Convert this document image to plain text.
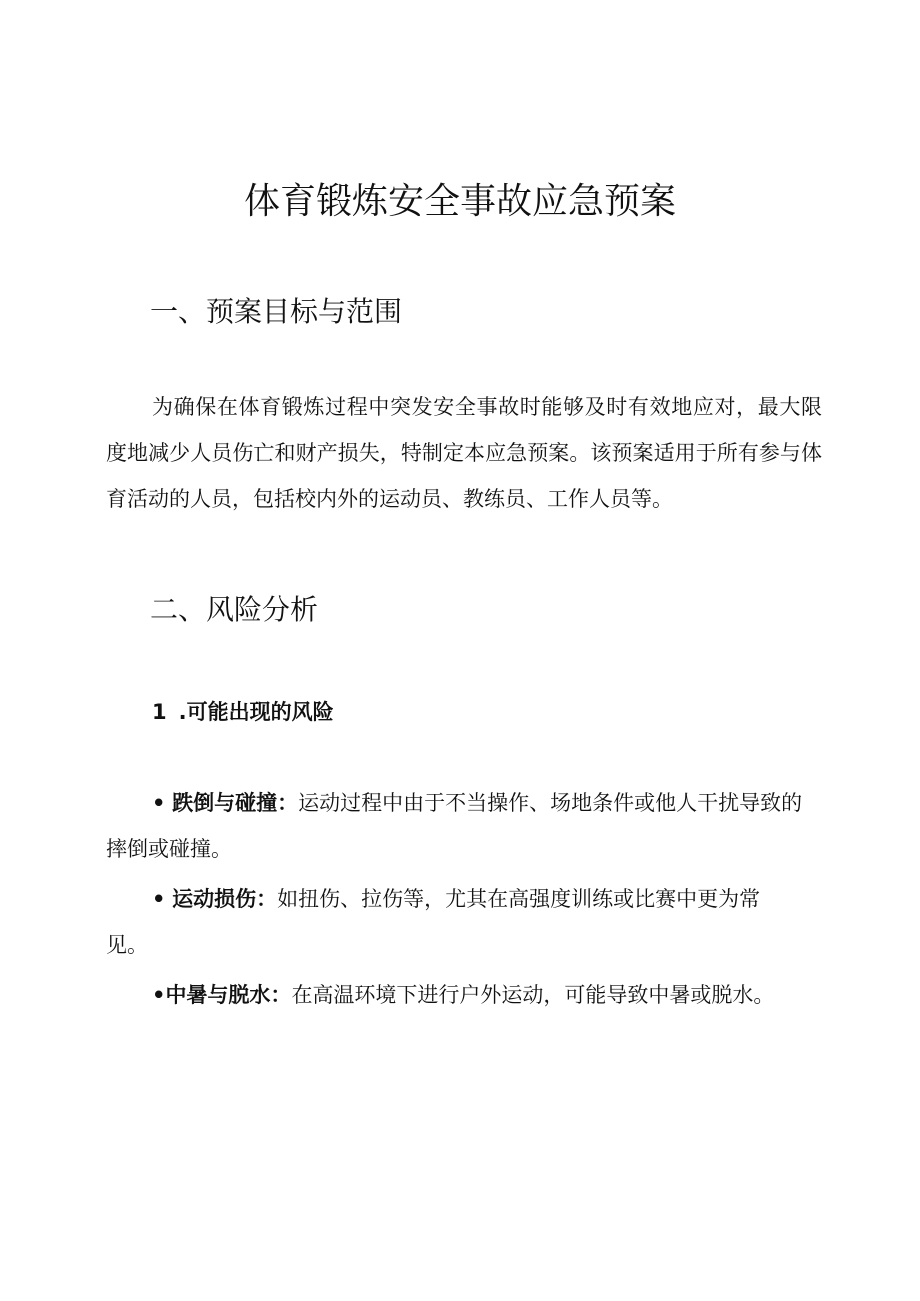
体育锻炼安全事故应急预案
一、预案目标与范围

为确保在体育锻炼过程中突发安全事故时能够及时有效地应对，最大限度地减少人员伤亡和财产损失，特制定本应急预案。该预案适用于所有参与体育活动的人员，包括校内外的运动员、教练员、工作人员等。

二、风险分析
1 .可能出现的风险

• 跌倒与碰撞：运动过程中由于不当操作、场地条件或他人干扰导致的摔倒或碰撞。

• 运动损伤：如扭伤、拉伤等，尤其在高强度训练或比赛中更为常见。

•中暑与脱水：在高温环境下进行户外运动，可能导致中暑或脱水。
